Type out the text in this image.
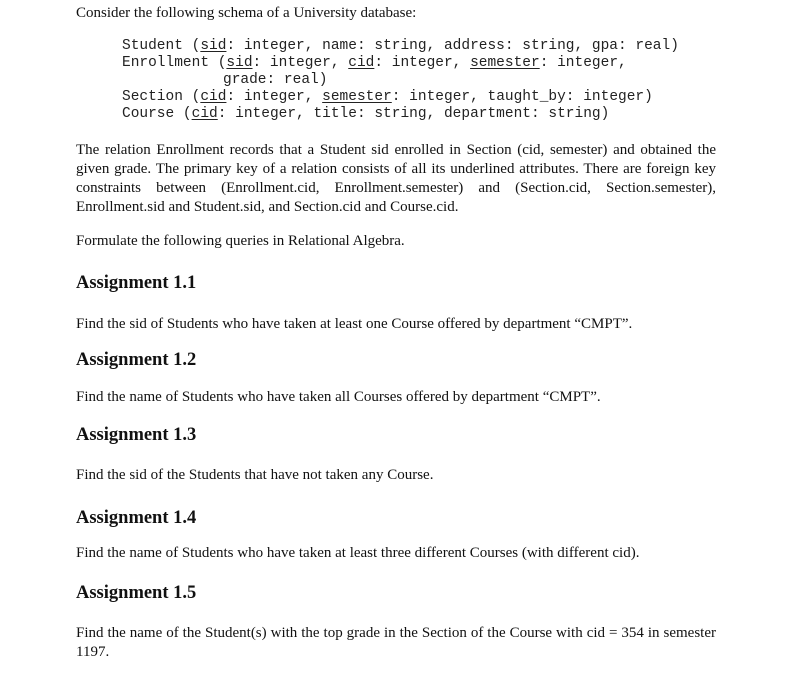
Consider the following schema of a University database:
Student (sid: integer, name: string, address: string, gpa: real)
Enrollment (sid: integer, cid: integer, semester: integer,
grade: real)
Section (cid: integer, semester: integer, taught_by: integer)
Course (cid: integer, title: string, department: string)
The relation Enrollment records that a Student sid enrolled in Section (cid, semester) and obtained the given grade. The primary key of a relation consists of all its underlined attributes. There are foreign key constraints between (Enrollment.cid, Enrollment.semester) and (Section.cid, Section.semester), Enrollment.sid and Student.sid, and Section.cid and Course.cid.
Formulate the following queries in Relational Algebra.
Assignment 1.1
Find the sid of Students who have taken at least one Course offered by department “CMPT”.
Assignment 1.2
Find the name of Students who have taken all Courses offered by department “CMPT”.
Assignment 1.3
Find the sid of the Students that have not taken any Course.
Assignment 1.4
Find the name of Students who have taken at least three different Courses (with different cid).
Assignment 1.5
Find the name of the Student(s) with the top grade in the Section of the Course with cid = 354 in semester 1197.
